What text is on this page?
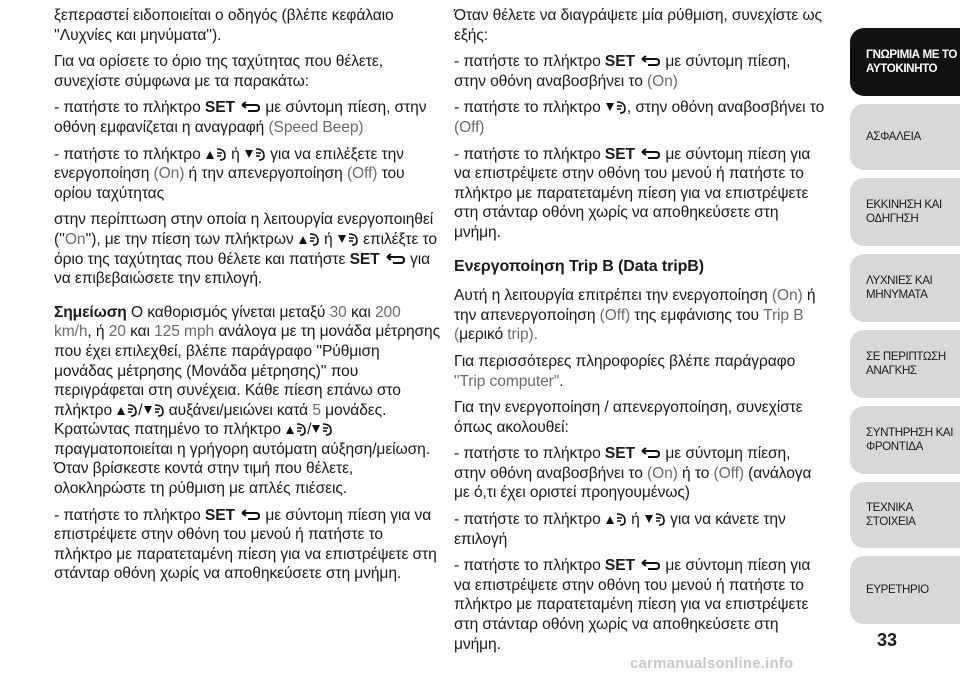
ξεπεραστεί ειδοποιείται ο οδηγός (βλέπε κεφάλαιο ''Λυχνίες και μηνύματα'').

Για να ορίσετε το όριο της ταχύτητας που θέλετε, συνεχίστε σύμφωνα με τα παρακάτω:

- πατήστε το πλήκτρο SET  με σύντομη πίεση, στην οθόνη εμφανίζεται η αναγραφή (Speed Beep)

- πατήστε το πλήκτρο  ή  για να επιλέξετε την ενεργοποίηση (On) ή την απενεργοποίηση (Off) του ορίου ταχύτητας

στην περίπτωση στην οποία η λειτουργία ενεργοποιηθεί (''On''), με την πίεση των πλήκτρων  ή  επιλέξτε το όριο της ταχύτητας που θέλετε και πατήστε SET  για να επιβεβαιώσετε την επιλογή.

Σημείωση Ο καθορισμός γίνεται μεταξύ 30 και 200 km/h, ή 20 και 125 mph ανάλογα με τη μονάδα μέτρησης που έχει επιλεχθεί, βλέπε παράγραφο ''Ρύθμιση μονάδας μέτρησης (Μονάδα μέτρησης)'' που περιγράφεται στη συνέχεια. Κάθε πίεση επάνω στο πλήκτρο / αυξάνει/μειώνει κατά 5 μονάδες. Κρατώντας πατημένο το πλήκτρο / πραγματοποιείται η γρήγορη αυτόματη αύξηση/μείωση. Όταν βρίσκεστε κοντά στην τιμή που θέλετε, ολοκληρώστε τη ρύθμιση με απλές πιέσεις.

- πατήστε το πλήκτρο SET  με σύντομη πίεση για να επιστρέψετε στην οθόνη του μενού ή πατήστε το πλήκτρο με παρατεταμένη πίεση για να επιστρέψετε στη στάνταρ οθόνη χωρίς να αποθηκεύσετε στη μνήμη.

Όταν θέλετε να διαγράψετε μία ρύθμιση, συνεχίστε ως εξής:

- πατήστε το πλήκτρο SET  με σύντομη πίεση, στην οθόνη αναβοσβήνει το (On)

- πατήστε το πλήκτρο , στην οθόνη αναβοσβήνει το (Off)

- πατήστε το πλήκτρο SET  με σύντομη πίεση για να επιστρέψετε στην οθόνη του μενού ή πατήστε το πλήκτρο με παρατεταμένη πίεση για να επιστρέψετε στη στάνταρ οθόνη χωρίς να αποθηκεύσετε στη μνήμη.

Ενεργοποίηση Trip B (Data tripB)

Αυτή η λειτουργία επιτρέπει την ενεργοποίηση (On) ή την απενεργοποίηση (Off) της εμφάνισης του Trip B (μερικό trip).

Για περισσότερες πληροφορίες βλέπε παράγραφο "Trip computer".

Για την ενεργοποίηση / απενεργοποίηση, συνεχίστε όπως ακολουθεί:

- πατήστε το πλήκτρο SET  με σύντομη πίεση, στην οθόνη αναβοσβήνει το (On) ή το (Off) (ανάλογα με ό,τι έχει οριστεί προηγουμένως)

- πατήστε το πλήκτρο  ή  για να κάνετε την επιλογή

- πατήστε το πλήκτρο SET  με σύντομη πίεση για να επιστρέψετε στην οθόνη του μενού ή πατήστε το πλήκτρο με παρατεταμένη πίεση για να επιστρέψετε στη στάνταρ οθόνη χωρίς να αποθηκεύσετε στη μνήμη.

ΓΝΩΡΙΜΙΑ ΜΕ ΤΟ ΑΥΤΟΚΙΝΗΤΟ
ΑΣΦΑΛΕΙΑ
ΕΚΚΙΝΗΣΗ ΚΑΙ ΟΔΗΓΗΣΗ
ΛΥΧΝΙΕΣ ΚΑΙ ΜΗΝΥΜΑΤΑ
ΣΕ ΠΕΡΙΠΤΩΣΗ ΑΝΑΓΚΗΣ
ΣΥΝΤΗΡΗΣΗ ΚΑΙ ΦΡΟΝΤΙΔΑ
ΤΕΧΝΙΚΑ ΣΤΟΙΧΕΙΑ
ΕΥΡΕΤΗΡΙΟ
33
carmanualsonline.info
